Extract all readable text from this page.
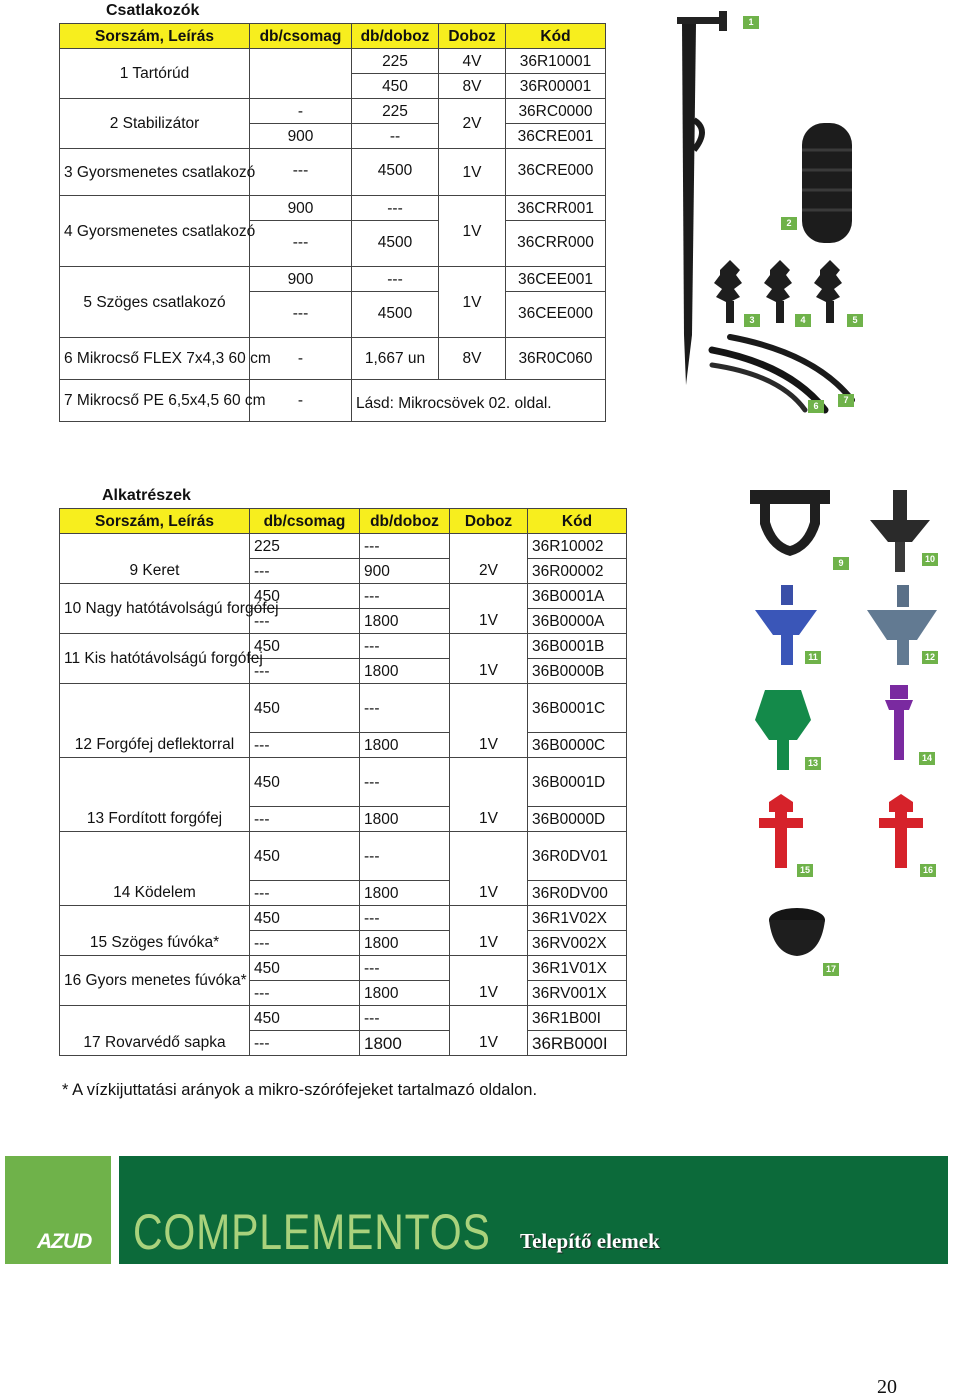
Csatlakozók
Sorszám, Leírás	db/csomag	db/doboz	Doboz	Kód
1 Tartórúd		225	4V	36R10001
		450	8V	36R00001
2 Stabilizátor	-	225	2V	36RC0000
	900	--		36CRE001
3 Gyorsmenetes csatlakozó	---	4500	1V	36CRE000
4 Gyorsmenetes csatlakozó	900	---	1V	36CRR001
	---	4500		36CRR000
5 Szöges csatlakozó	900	---	1V	36CEE001
	---	4500		36CEE000
6 Mikrocső FLEX 7x4,3 60 cm	-	1,667 un	8V	36R0C060
7 Mikrocső PE 6,5x4,5 60 cm	-	Lásd: Mikrocsövek 02. oldal.		
1
2
3	4	5
6
7
Alkatrészek
Sorszám, Leírás	db/csomag	db/doboz	Doboz	Kód
	225	---		36R10002
9 Keret	---	900	2V	36R00002
10 Nagy hatótávolságú forgófej	450	---		36B0001A
	---	1800	1V	36B0000A
11 Kis hatótávolságú forgófej	450	---		36B0001B
	---	1800	1V	36B0000B
	450	---		36B0001C
12 Forgófej deflektorral	---	1800	1V	36B0000C
	450	---		36B0001D
13 Fordított forgófej	---	1800	1V	36B0000D
	450	---		36R0DV01
14 Ködelem	---	1800	1V	36R0DV00
	450	---		36R1V02X
15 Szöges fúvóka*	---	1800	1V	36RV002X
16 Gyors menetes fúvóka*	450	---		36R1V01X
	---	1800	1V	36RV001X
	450	---		36R1B00I
17 Rovarvédő sapka	---	1800	1V	36RB000I
9	10
11	12
13	14
15	16
17
* A vízkijuttatási arányok a mikro-szórófejeket tartalmazó oldalon.
AZUD COMPLEMENTOS Telepítő elemek
20
